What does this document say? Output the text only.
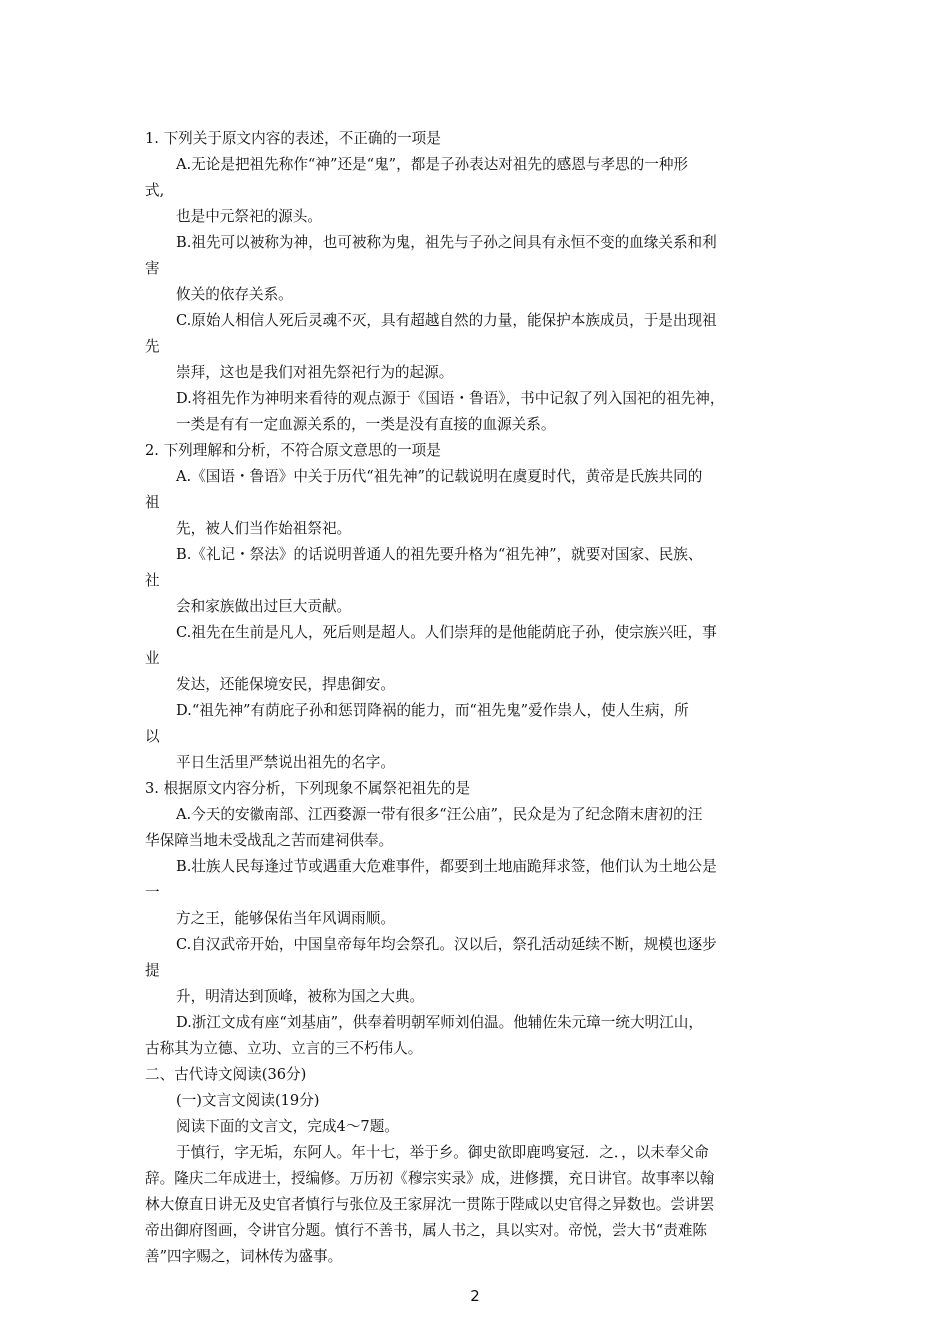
1. 下列关于原文内容的表述，不正确的一项是
A.无论是把祖先称作“神”还是“鬼”，都是子孙表达对祖先的感恩与孝思的一种形
式,
也是中元祭祀的源头。
B.祖先可以被称为神，也可被称为鬼，祖先与子孙之间具有永恒不变的血缘关系和利
害
攸关的依存关系。
C.原始人相信人死后灵魂不灭，具有超越自然的力量，能保护本族成员，于是出现祖
先
崇拜，这也是我们对祖先祭祀行为的起源。
D.将祖先作为神明来看待的观点源于《国语・鲁语》，书中记叙了列入国祀的祖先神，
一类是有有一定血源关系的，一类是没有直接的血源关系。
2. 下列理解和分析，不符合原文意思的一项是
A.《国语・鲁语》中关于历代“祖先神”的记载说明在虞夏时代，黄帝是氏族共同的
祖
先，被人们当作始祖祭祀。
B.《礼记・祭法》的话说明普通人的祖先要升格为“祖先神”，就要对国家、民族、
社
会和家族做出过巨大贡献。
C.祖先在生前是凡人，死后则是超人。人们崇拜的是他能荫庇子孙，使宗族兴旺，事
业
发达，还能保境安民，捍患御安。
D.“祖先神”有荫庇子孙和惩罚降祸的能力，而“祖先鬼”爱作祟人，使人生病，所
以
平日生活里严禁说出祖先的名字。
3. 根据原文内容分析，下列现象不属祭祀祖先的是
A.今天的安徽南部、江西婺源一带有很多“汪公庙”，民众是为了纪念隋末唐初的汪
华保障当地未受战乱之苦而建祠供奉。
B.壮族人民每逢过节或遇重大危难事件，都要到土地庙跪拜求签，他们认为土地公是
一
方之王，能够保佑当年风调雨顺。
C.自汉武帝开始，中国皇帝每年均会祭孔。汉以后，祭孔活动延续不断，规模也逐步
提
升，明清达到顶峰，被称为国之大典。
D.浙江文成有座“刘基庙”，供奉着明朝军师刘伯温。他辅佐朱元璋一统大明江山，
古称其为立德、立功、立言的三不朽伟人。
二、古代诗文阅读(36分)
(一)文言文阅读(19分)
阅读下面的文言文，完成4～7题。
于慎行，字无垢，东阿人。年十七，举于乡。御史欲即鹿鸣宴冠．之．，以未奉父命
辞。隆庆二年成进士，授编修。万历初《穆宗实录》成，进修撰，充日讲官。故事率以翰
林大僚直日讲无及史官者慎行与张位及王家屏沈一贯陈于陛咸以史官得之异数也。尝讲罢
帝出御府图画，令讲官分题。慎行不善书，属人书之，具以实对。帝悦，尝大书“责难陈
善”四字赐之，词林传为盛事。
2
